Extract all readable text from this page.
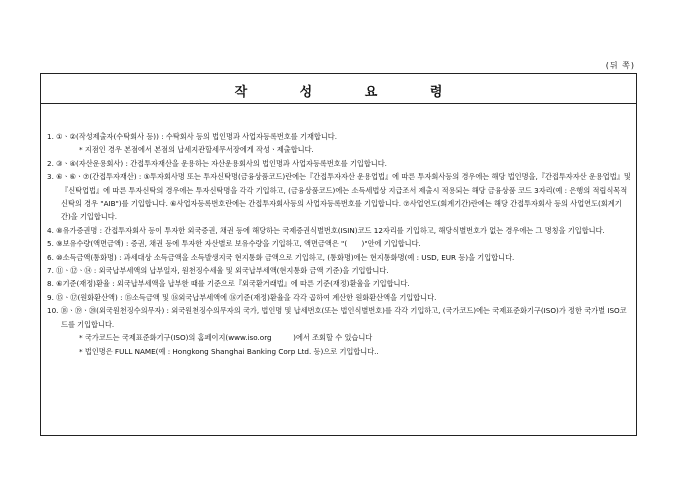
(뒤 쪽)
작 성 요 령

1. ①ㆍ②(작성제출자(수탁회사 등)) : 수탁회사 등의 법인명과 사업자등록번호를 기재합니다.

* 지점인 경우 본점에서 본점의 납세지관할세무서장에게 작성ㆍ제출합니다.

2. ③ㆍ④(자산운용회사) : 간접투자재산을 운용하는 자산운용회사의 법인명과 사업자등록번호를 기입합니다.

3. ⑥ㆍ⑥ㆍ⑦(간접투자재산) : ⑤투자회사명 또는 투자신탁명(금융상품코드)란에는『간접투자자산 운용업법』에 따른 투자회사등의 경우에는 해당 법인명을,『간접투자자산 운용업법』및『신탁업법』에 따른 투자신탁의 경우에는 투자신탁명을 각각 기입하고, (금융상품코드)에는 소득세법상 지급조서 제출시 적용되는 해당 금융상품 코드 3자리(예 : 은행의 적립식목적신탁의 경우 "AIB")를 기입합니다. ⑥사업자등록번호란에는 간접투자회사등의 사업자등록번호를 기입합니다. ⑦사업연도(회계기간)란에는 해당 간접투자회사 등의 사업연도(회계기간)을 기입합니다.

4. ⑧유가증권명 : 간접투자회사 등이 투자한 외국증권, 채권 등에 해당하는 국제증권식별번호(ISIN)코드 12자리를 기입하고, 해당식별번호가 없는 경우에는 그 명칭을 기입합니다.

5. ⑨보유수량(액면금액) : 증권, 채권 등에 투자한 자산별로 보유수량을 기입하고, 액면금액은 "(　　)"안에 기입합니다.

6. ⑩소득금액(통화명) : 과세대상 소득금액을 소득발생지국 현지통화 금액으로 기입하고, (통화명)에는 현지통화명(예 : USD, EUR 등)을 기입합니다.

7. ⑪ㆍ⑫ㆍ⑭ : 외국납부세액의 납부일자, 원천징수세율 및 외국납부세액(현지통화 금액 기준)을 기입합니다.

8. ⑥기준(재정)환율 : 외국납부세액을 납부한 때를 기준으로『외국환거래법』에 따른 기준(재정)환율을 기입합니다.

9. ⑮ㆍ⑰(원화환산액) : ⑮소득금액 및 ⑯외국납부세액에 ⑯기준(재정)환율을 각각 곱하여 계산한 원화환산액을 기입합니다.

10. ⑱ㆍ⑲ㆍ⑳(외국원천징수의무자) : 외국원천징수의무자의 국가, 법인명 및 납세번호(또는 법인식별번호)를 각각 기입하고, (국가코드)에는 국제표준화기구(ISO)가 정한 국가별 ISO코드를 기입합니다.

* 국가코드는 국제표준화기구(ISO)의 홈페이지(www.iso.org　　　)에서 조회할 수 있습니다

* 법인명은 FULL NAME(예 : Hongkong Shanghai Banking Corp Ltd. 등)으로 기입합니다..
